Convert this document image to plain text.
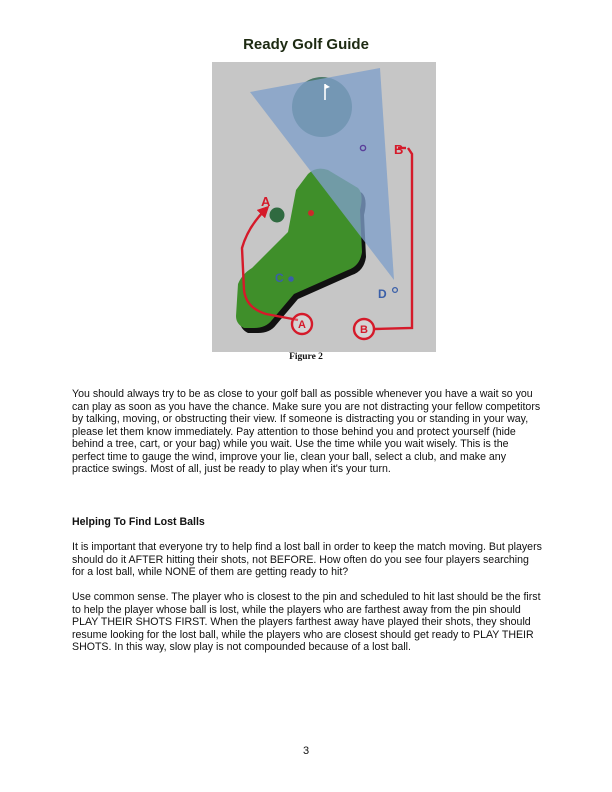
Ready Golf Guide
A
B
C
D
A	B
Figure 2

You should always try to be as close to your golf ball as possible whenever you have a wait so you can play as soon as you have the chance. Make sure you are not distracting your fellow competitors by talking, moving, or obstructing their view. If someone is distracting you or standing in your way, please let them know immediately. Pay attention to those behind you and protect yourself (hide behind a tree, cart, or your bag) while you wait. Use the time while you wait wisely. This is the perfect time to gauge the wind, improve your lie, clean your ball, select a club, and make any practice swings. Most of all, just be ready to play when it's your turn.

Helping To Find Lost Balls

It is important that everyone try to help find a lost ball in order to keep the match moving. But players should do it AFTER hitting their shots, not BEFORE. How often do you see four players searching for a lost ball, while NONE of them are getting ready to hit?

Use common sense. The player who is closest to the pin and scheduled to hit last should be the first to help the player whose ball is lost, while the players who are farthest away from the pin should PLAY THEIR SHOTS FIRST. When the players farthest away have played their shots, they should resume looking for the lost ball, while the players who are closest should get ready to PLAY THEIR SHOTS. In this way, slow play is not compounded because of a lost ball.

3
